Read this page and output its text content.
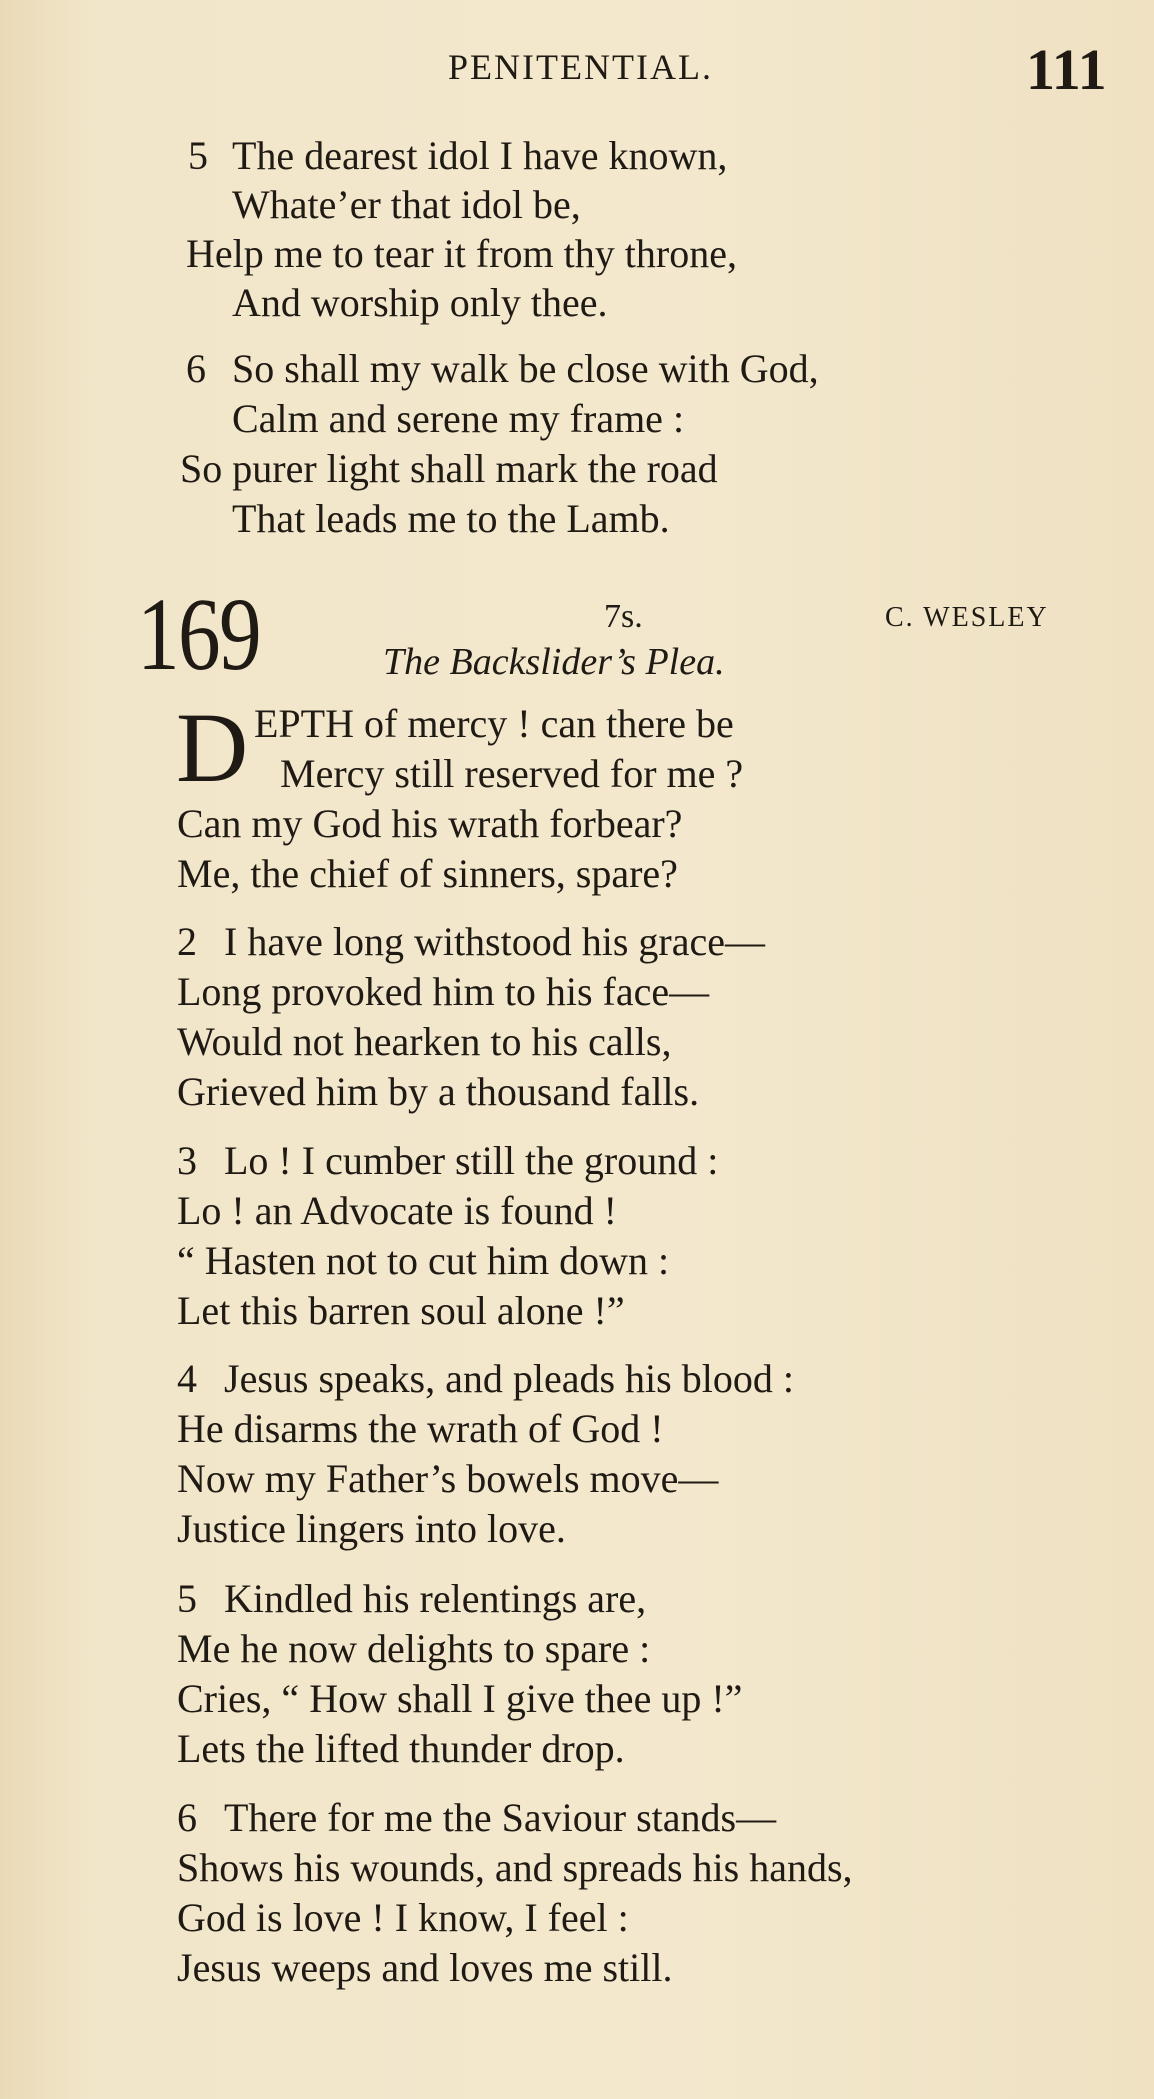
PENITENTIAL.	111
5 The dearest idol I have known,
Whate’er that idol be,
Help me to tear it from thy throne,
And worship only thee.
6 So shall my walk be close with God,
Calm and serene my frame :
So purer light shall mark the road
That leads me to the Lamb.
169	7s.	C. WESLEY
The Backslider’s Plea.
D EPTH of mercy ! can there be
Mercy still reserved for me ?
Can my God his wrath forbear?
Me, the chief of sinners, spare?
2 I have long withstood his grace—
Long provoked him to his face—
Would not hearken to his calls,
Grieved him by a thousand falls.
3 Lo ! I cumber still the ground :
Lo ! an Advocate is found !
“ Hasten not to cut him down :
Let this barren soul alone !”
4 Jesus speaks, and pleads his blood :
He disarms the wrath of God !
Now my Father’s bowels move—
Justice lingers into love.
5 Kindled his relentings are,
Me he now delights to spare :
Cries, “ How shall I give thee up !”
Lets the lifted thunder drop.
6 There for me the Saviour stands—
Shows his wounds, and spreads his hands,
God is love ! I know, I feel :
Jesus weeps and loves me still.
